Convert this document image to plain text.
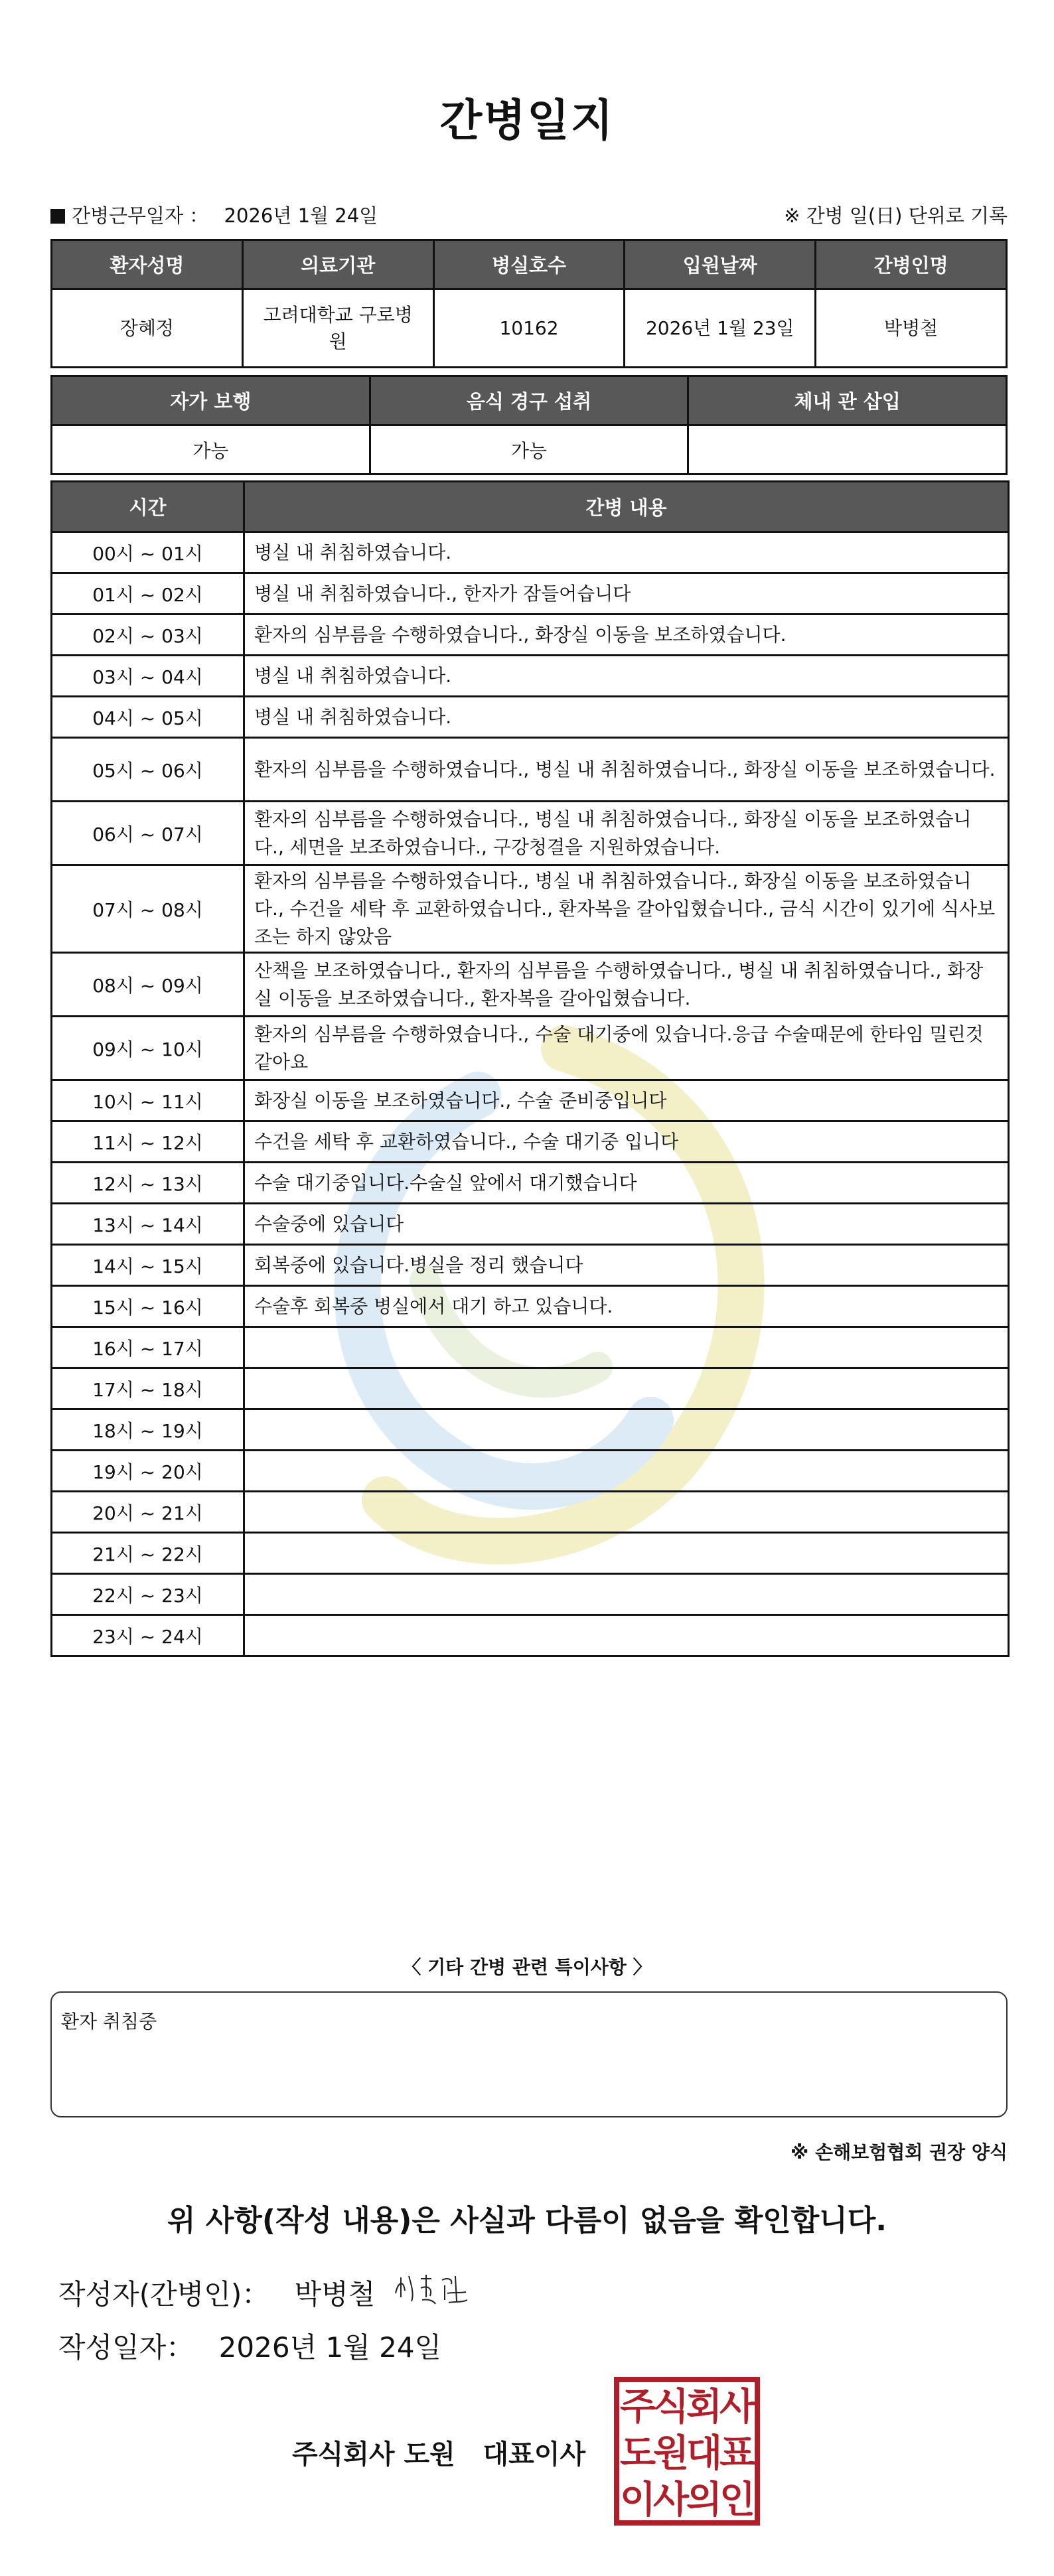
간병일지
간병근무일자 ： 2026년 1월 24일	※ 간병 일(日) 단위로 기록
환자성명	의료기관	병실호수	입원날짜	간병인명
장혜정	고려대학교 구로병원	10162	2026년 1월 23일	박병철
자가 보행	음식 경구 섭취	체내 관 삽입
가능	가능	
시간	간병 내용
00시 ~ 01시	병실 내 취침하였습니다.
01시 ~ 02시	병실 내 취침하였습니다., 한자가 잠들어습니다
02시 ~ 03시	환자의 심부름을 수행하였습니다., 화장실 이동을 보조하였습니다.
03시 ~ 04시	병실 내 취침하였습니다.
04시 ~ 05시	병실 내 취침하였습니다.
05시 ~ 06시	환자의 심부름을 수행하였습니다., 병실 내 취침하였습니다., 화장실 이동을 보조하였습니다.
06시 ~ 07시	환자의 심부름을 수행하였습니다., 병실 내 취침하였습니다., 화장실 이동을 보조하였습니다., 세면을 보조하였습니다., 구강청결을 지원하였습니다.
07시 ~ 08시	환자의 심부름을 수행하였습니다., 병실 내 취침하였습니다., 화장실 이동을 보조하였습니다., 수건을 세탁 후 교환하였습니다., 환자복을 갈아입혔습니다., 금식 시간이 있기에 식사보조는 하지 않았음
08시 ~ 09시	산책을 보조하였습니다., 환자의 심부름을 수행하였습니다., 병실 내 취침하였습니다., 화장실 이동을 보조하였습니다., 환자복을 갈아입혔습니다.
09시 ~ 10시	환자의 심부름을 수행하였습니다., 수술 대기중에 있습니다.응급 수술때문에 한타임 밀린것 같아요
10시 ~ 11시	화장실 이동을 보조하였습니다., 수술 준비중입니다
11시 ~ 12시	수건을 세탁 후 교환하였습니다., 수술 대기중 입니다
12시 ~ 13시	수술 대기중입니다.수술실 앞에서 대기했습니다
13시 ~ 14시	수술중에 있습니다
14시 ~ 15시	회복중에 있습니다.병실을 정리 했습니다
15시 ~ 16시	수술후 회복중 병실에서 대기 하고 있습니다.
16시 ~ 17시	
17시 ~ 18시	
18시 ~ 19시	
19시 ~ 20시	
20시 ~ 21시	
21시 ~ 22시	
22시 ~ 23시	
23시 ~ 24시	
〈 기타 간병 관련 특이사항 〉
환자 취침중
※ 손해보험협회 권장 양식
위 사항(작성 내용)은 사실과 다름이 없음을 확인합니다.
작성자(간병인)： 박병철
작성일자： 2026년 1월 24일
주식회사 도원   대표이사
주
식
회
사
도
원
대
표
이
사
의
인
